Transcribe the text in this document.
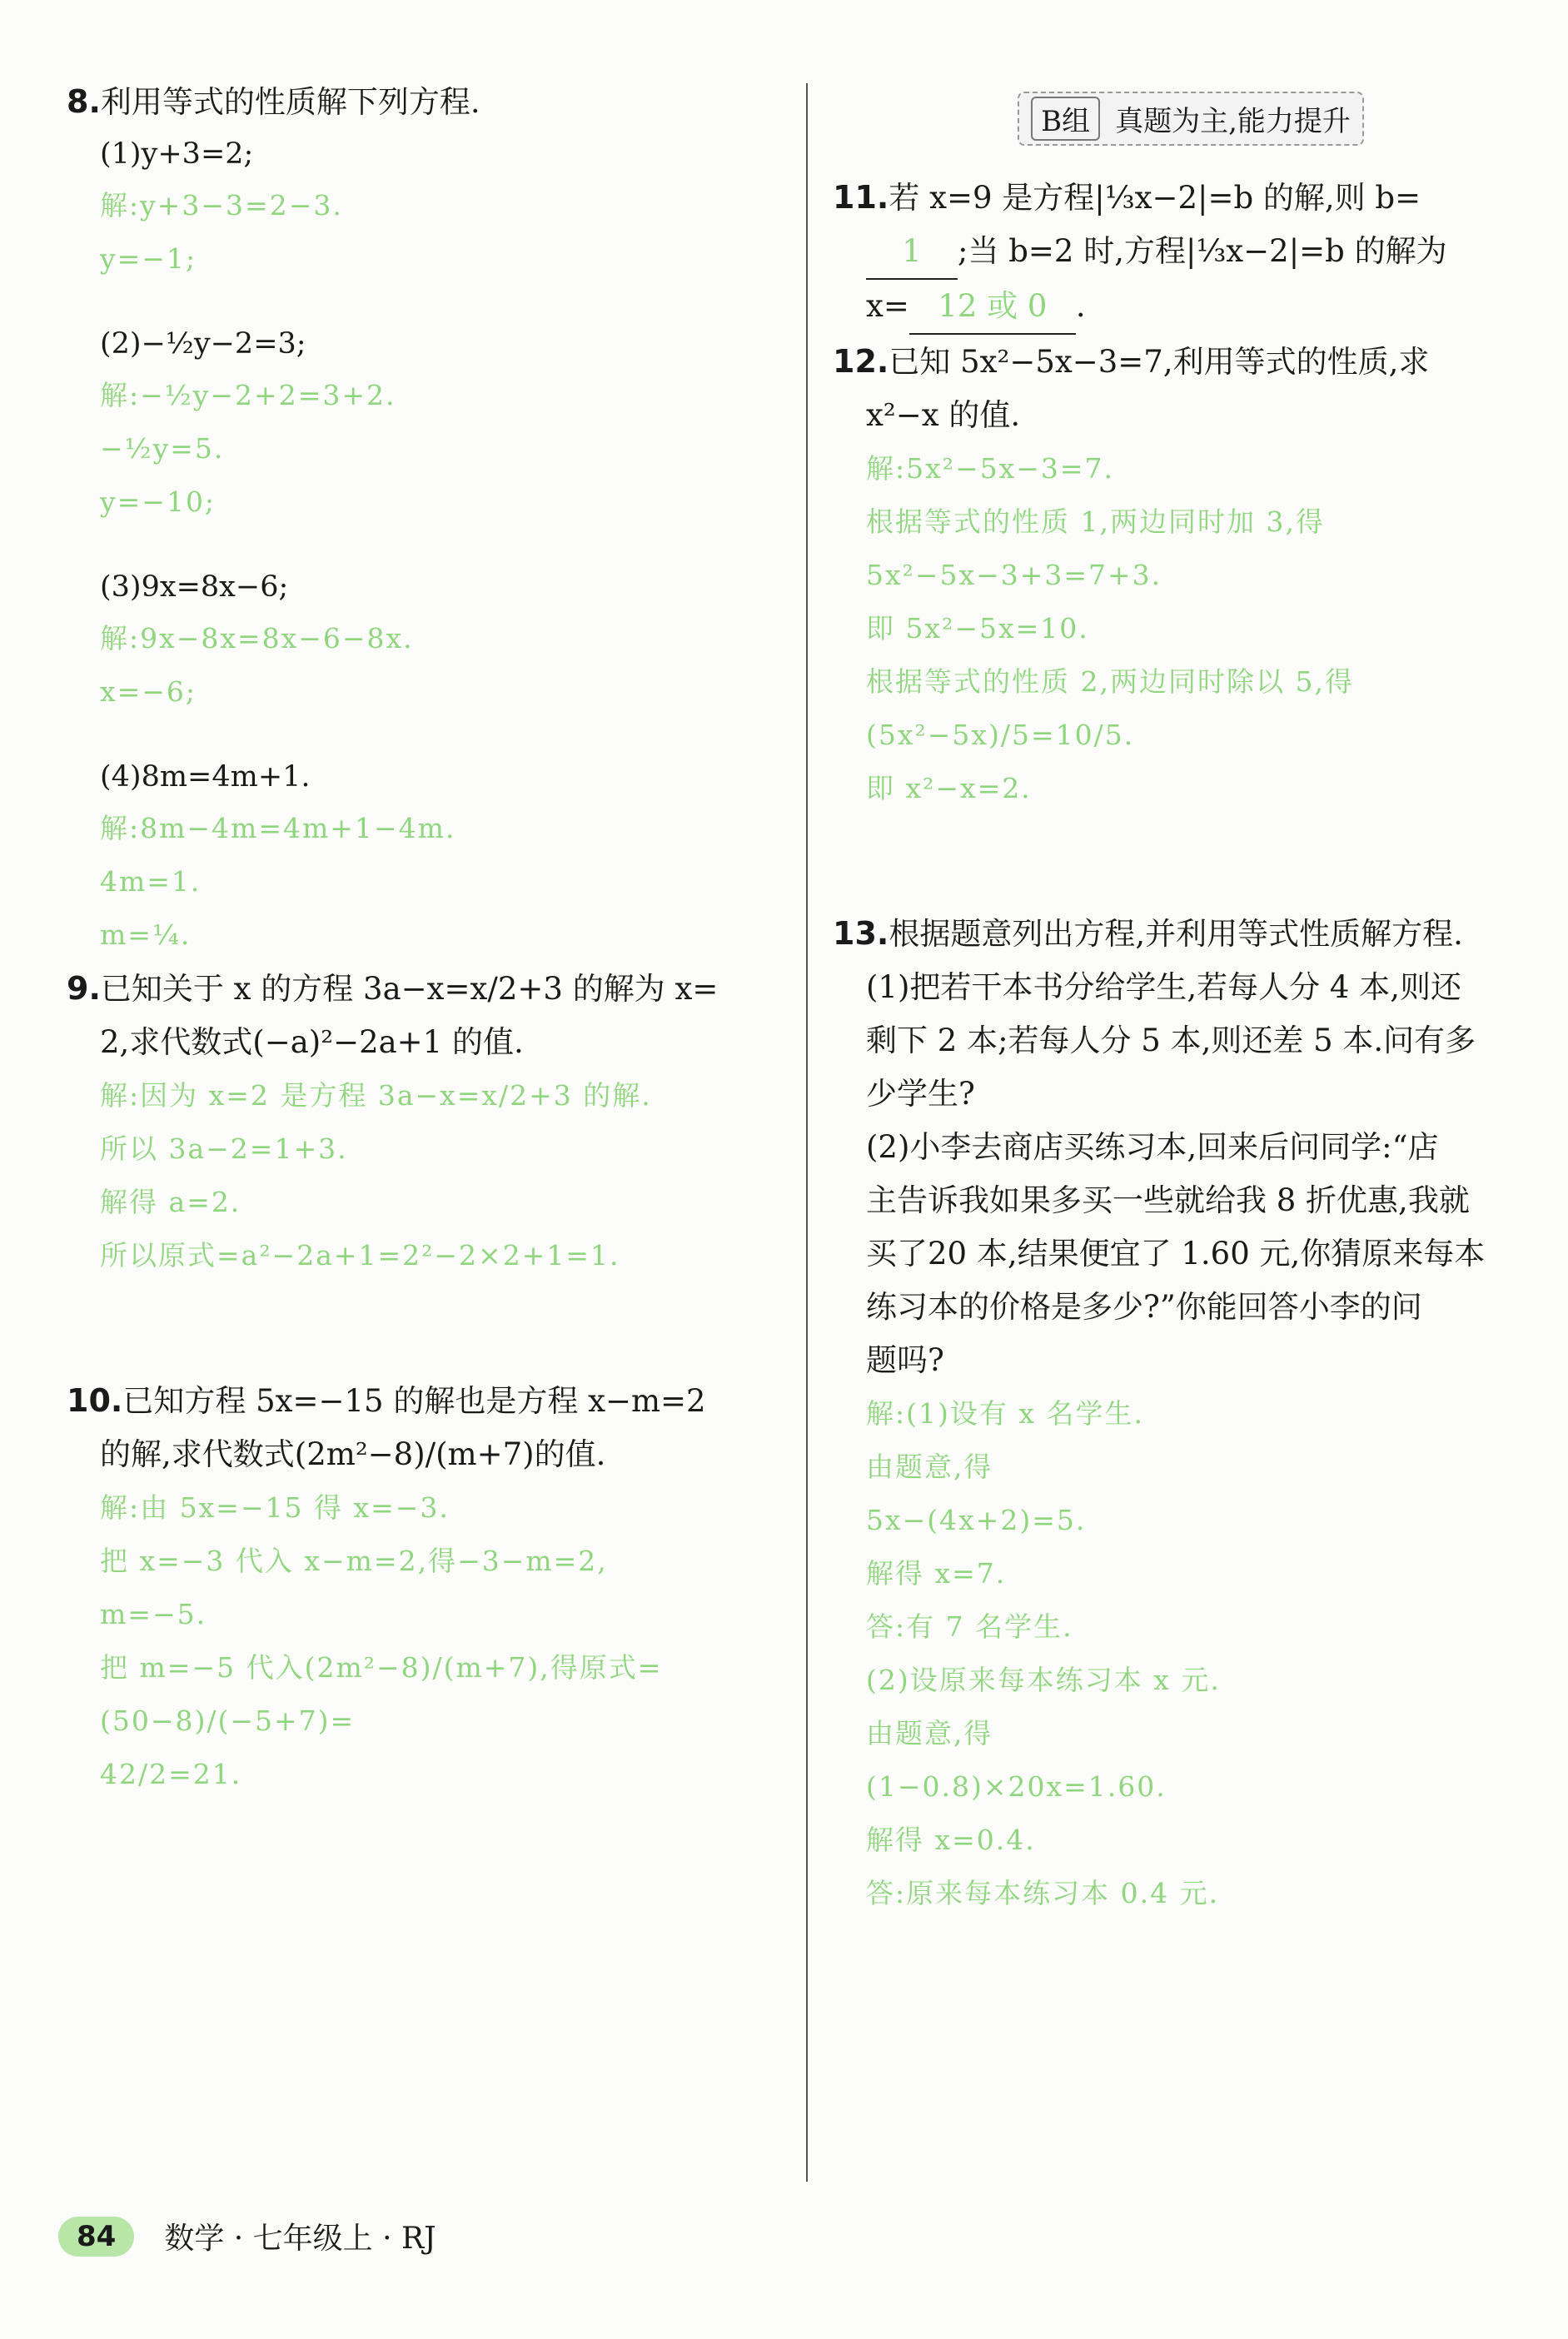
8.利用等式的性质解下列方程.

(1)y+3=2;

解:y+3−3=2−3.

y=−1;

(2)−½y−2=3;

解:−½y−2+2=3+2.

−½y=5.

y=−10;

(3)9x=8x−6;

解:9x−8x=8x−6−8x.

x=−6;

(4)8m=4m+1.

解:8m−4m=4m+1−4m.

4m=1.

m=¼.

9.已知关于 x 的方程 3a−x=x/2+3 的解为 x=

2,求代数式(−a)²−2a+1 的值.

解:因为 x=2 是方程 3a−x=x/2+3 的解.

所以 3a−2=1+3.

解得 a=2.

所以原式=a²−2a+1=2²−2×2+1=1.

10.已知方程 5x=−15 的解也是方程 x−m=2

的解,求代数式(2m²−8)/(m+7)的值.

解:由 5x=−15 得 x=−3.

把 x=−3 代入 x−m=2,得−3−m=2,

m=−5.

把 m=−5 代入(2m²−8)/(m+7),得原式=(50−8)/(−5+7)=

42/2=21.

B组 真题为主,能力提升

11.若 x=9 是方程|⅓x−2|=b 的解,则 b=

1 ;当 b=2 时,方程|⅓x−2|=b 的解为

x= 12 或 0 .

12.已知 5x²−5x−3=7,利用等式的性质,求

x²−x 的值.

解:5x²−5x−3=7.

根据等式的性质 1,两边同时加 3,得

5x²−5x−3+3=7+3.

即 5x²−5x=10.

根据等式的性质 2,两边同时除以 5,得

(5x²−5x)/5=10/5.

即 x²−x=2.

13.根据题意列出方程,并利用等式性质解方程.

(1)把若干本书分给学生,若每人分 4 本,则还

剩下 2 本;若每人分 5 本,则还差 5 本.问有多

少学生?

(2)小李去商店买练习本,回来后问同学:“店

主告诉我如果多买一些就给我 8 折优惠,我就

买了20 本,结果便宜了 1.60 元,你猜原来每本

练习本的价格是多少?”你能回答小李的问

题吗?

解:(1)设有 x 名学生.

由题意,得

5x−(4x+2)=5.

解得 x=7.

答:有 7 名学生.

(2)设原来每本练习本 x 元.

由题意,得

(1−0.8)×20x=1.60.

解得 x=0.4.

答:原来每本练习本 0.4 元.

84	数学 · 七年级上 · RJ
